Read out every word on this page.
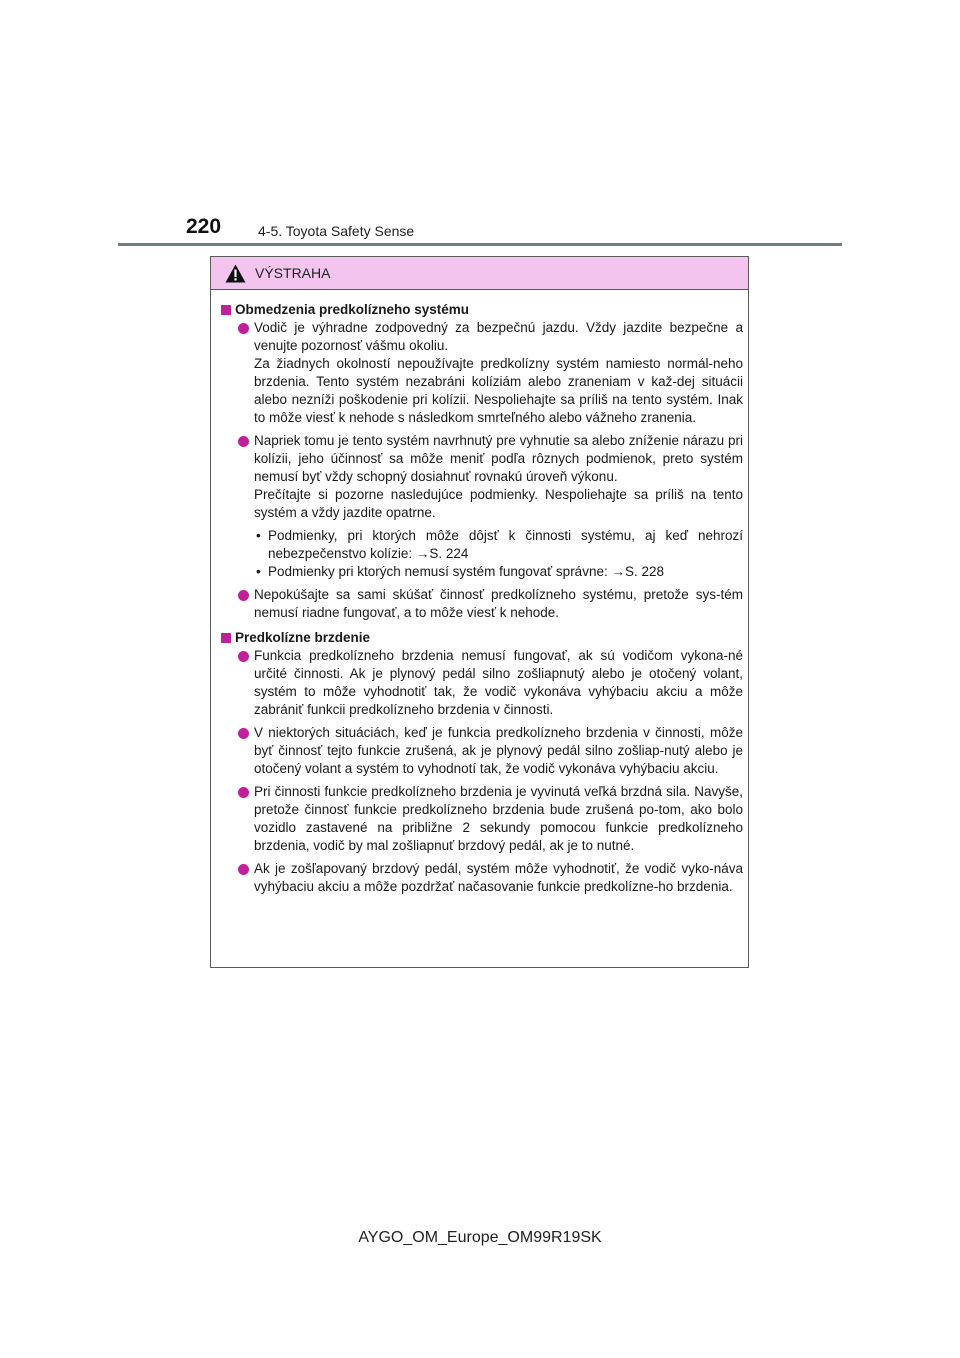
220	4-5. Toyota Safety Sense
VÝSTRAHA
Obmedzenia predkolízneho systému

Vodič je výhradne zodpovedný za bezpečnú jazdu. Vždy jazdite bezpečne a venujte pozornosť vášmu okoliu.

Za žiadnych okolností nepoužívajte predkolízny systém namiesto normál-neho brzdenia. Tento systém nezabráni kolíziám alebo zraneniam v kaž-dej situácii alebo nezníži poškodenie pri kolízii. Nespoliehajte sa príliš na tento systém. Inak to môže viesť k nehode s následkom smrteľného alebo vážneho zranenia.

Napriek tomu je tento systém navrhnutý pre vyhnutie sa alebo zníženie nárazu pri kolízii, jeho účinnosť sa môže meniť podľa rôznych podmienok, preto systém nemusí byť vždy schopný dosiahnuť rovnakú úroveň výkonu.

Prečítajte si pozorne nasledujúce podmienky. Nespoliehajte sa príliš na tento systém a vždy jazdite opatrne.

• Podmienky, pri ktorých môže dôjsť k činnosti systému, aj keď nehrozí nebezpečenstvo kolízie: →S. 224
• Podmienky pri ktorých nemusí systém fungovať správne: →S. 228

Nepokúšajte sa sami skúšať činnosť predkolízneho systému, pretože sys-tém nemusí riadne fungovať, a to môže viesť k nehode.

Predkolízne brzdenie

Funkcia predkolízneho brzdenia nemusí fungovať, ak sú vodičom vykona-né určité činnosti. Ak je plynový pedál silno zošliapnutý alebo je otočený volant, systém to môže vyhodnotiť tak, že vodič vykonáva vyhýbaciu akciu a môže zabrániť funkcii predkolízneho brzdenia v činnosti.

V niektorých situáciách, keď je funkcia predkolízneho brzdenia v činnosti, môže byť činnosť tejto funkcie zrušená, ak je plynový pedál silno zošliap-nutý alebo je otočený volant a systém to vyhodnotí tak, že vodič vykonáva vyhýbaciu akciu.

Pri činnosti funkcie predkolízneho brzdenia je vyvinutá veľká brzdná sila. Navyše, pretože činnosť funkcie predkolízneho brzdenia bude zrušená po-tom, ako bolo vozidlo zastavené na približne 2 sekundy pomocou funkcie predkolízneho brzdenia, vodič by mal zošliapnuť brzdový pedál, ak je to nutné.

Ak je zošľapovaný brzdový pedál, systém môže vyhodnotiť, že vodič vyko-náva vyhýbaciu akciu a môže pozdržať načasovanie funkcie predkolízne-ho brzdenia.

AYGO_OM_Europe_OM99R19SK
